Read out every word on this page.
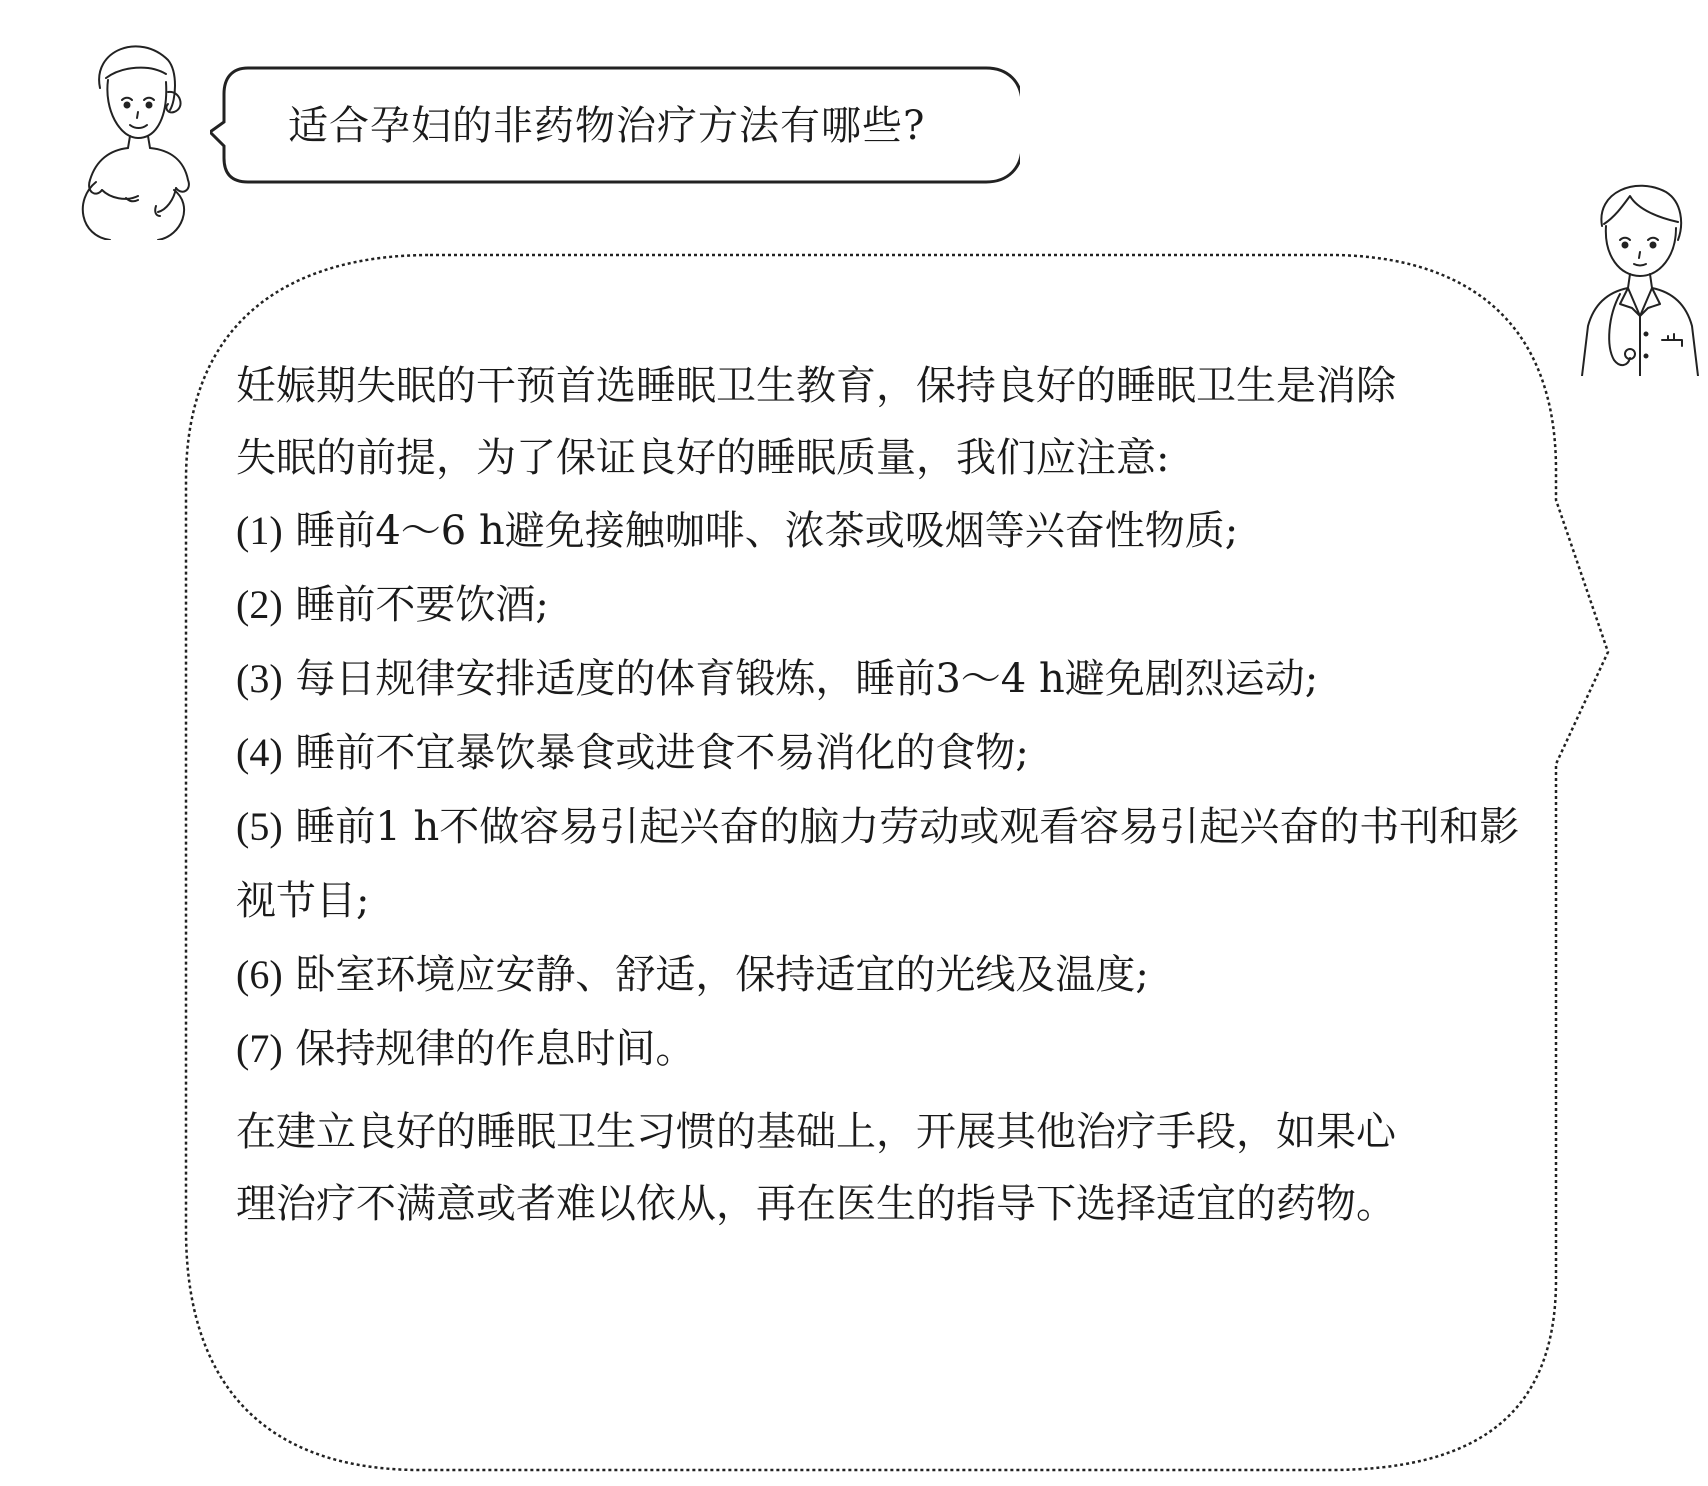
适合孕妇的非药物治疗方法有哪些?

妊娠期失眠的干预首选睡眠卫生教育，保持良好的睡眠卫生是消除

失眠的前提，为了保证良好的睡眠质量，我们应注意:

(1) 睡前4～6 h避免接触咖啡、浓茶或吸烟等兴奋性物质;

(2) 睡前不要饮酒;

(3) 每日规律安排适度的体育锻炼，睡前3～4 h避免剧烈运动;

(4) 睡前不宜暴饮暴食或进食不易消化的食物;

(5) 睡前1 h不做容易引起兴奋的脑力劳动或观看容易引起兴奋的书刊和影视节目;

(6) 卧室环境应安静、舒适，保持适宜的光线及温度;

(7) 保持规律的作息时间。

在建立良好的睡眠卫生习惯的基础上，开展其他治疗手段，如果心

理治疗不满意或者难以依从，再在医生的指导下选择适宜的药物。
